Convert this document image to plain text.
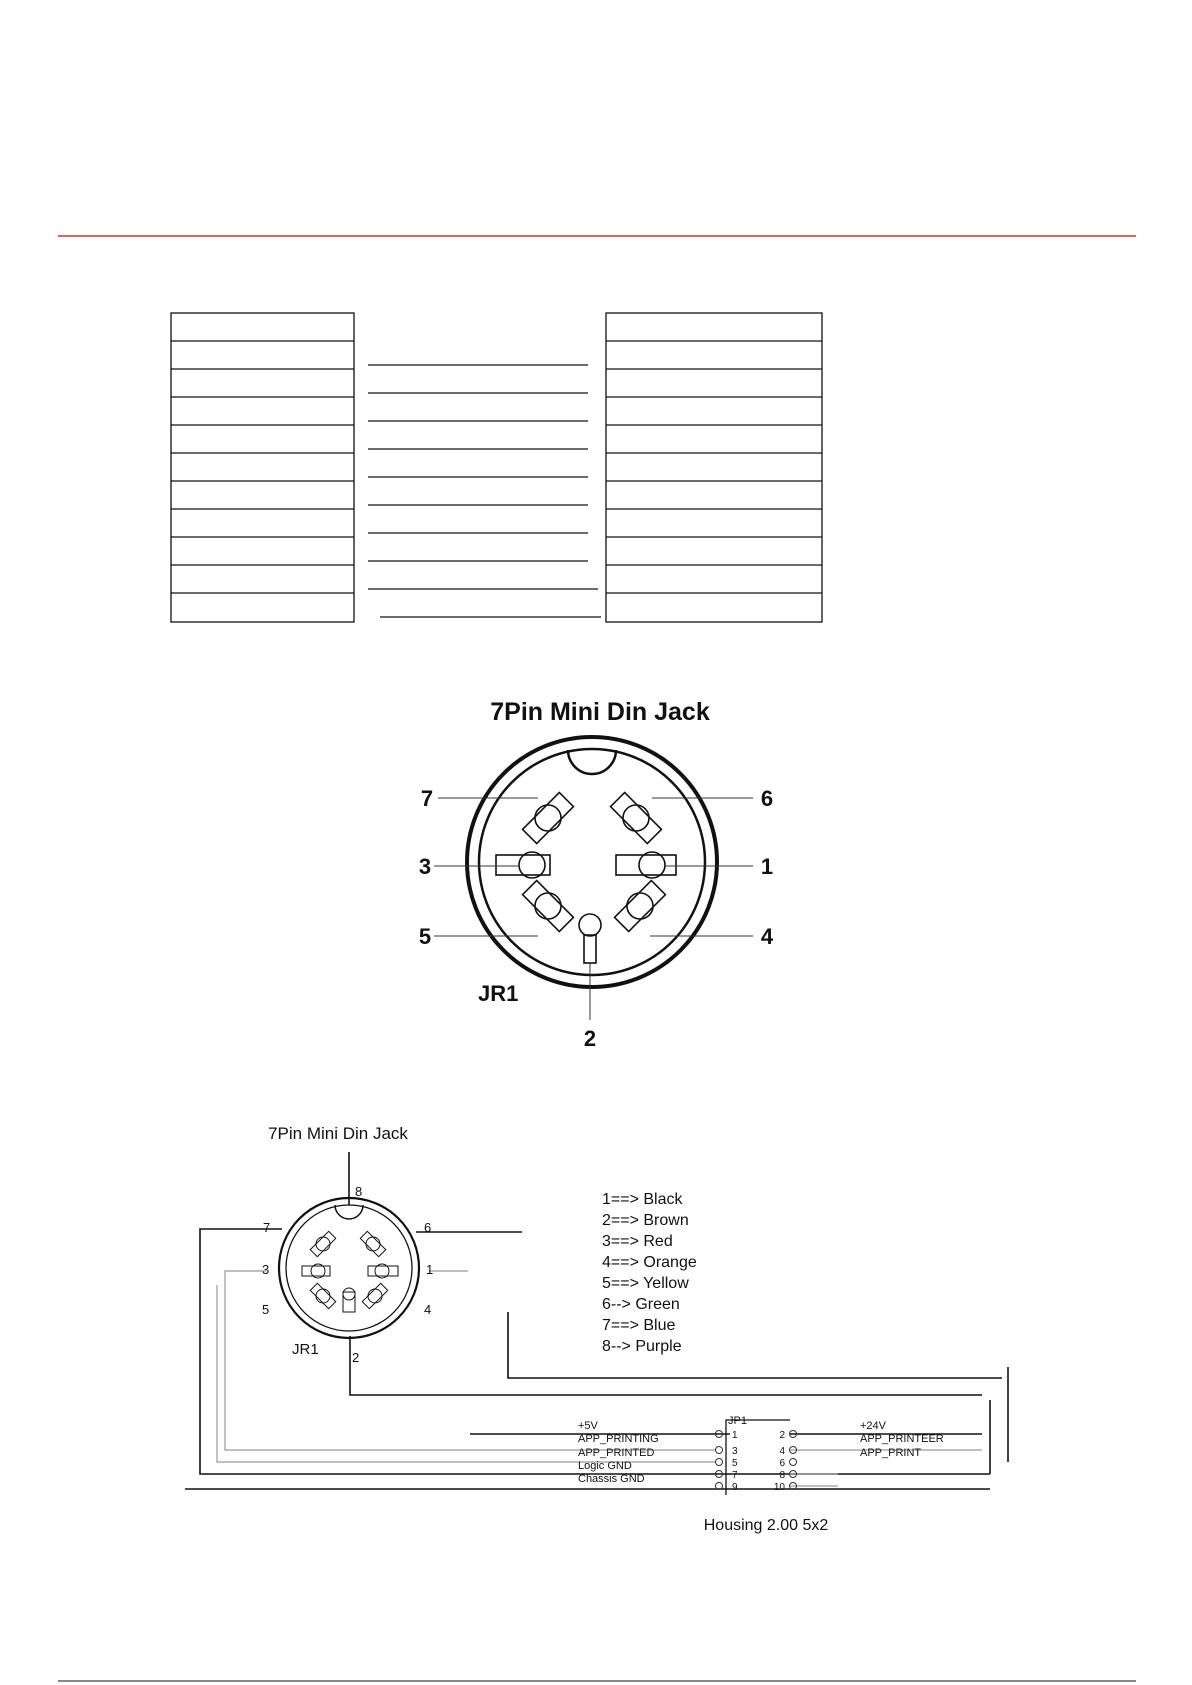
7Pin Mini Din Jack
7	6
3	1
5	4
2
JR1
7Pin Mini Din Jack
8
7	6
3	1
5	4
2
JR1
1==> Black
2==> Brown
3==> Red
4==> Orange
5==> Yellow
6--> Green
7==> Blue
8--> Purple
JP1
1
3
5
7
9
2
4
6
8
10
+5V
APP_PRINTING
APP_PRINTED
Logic GND
Chassis GND
+24V
APP_PRINTEER
APP_PRINT
Housing 2.00 5x2
